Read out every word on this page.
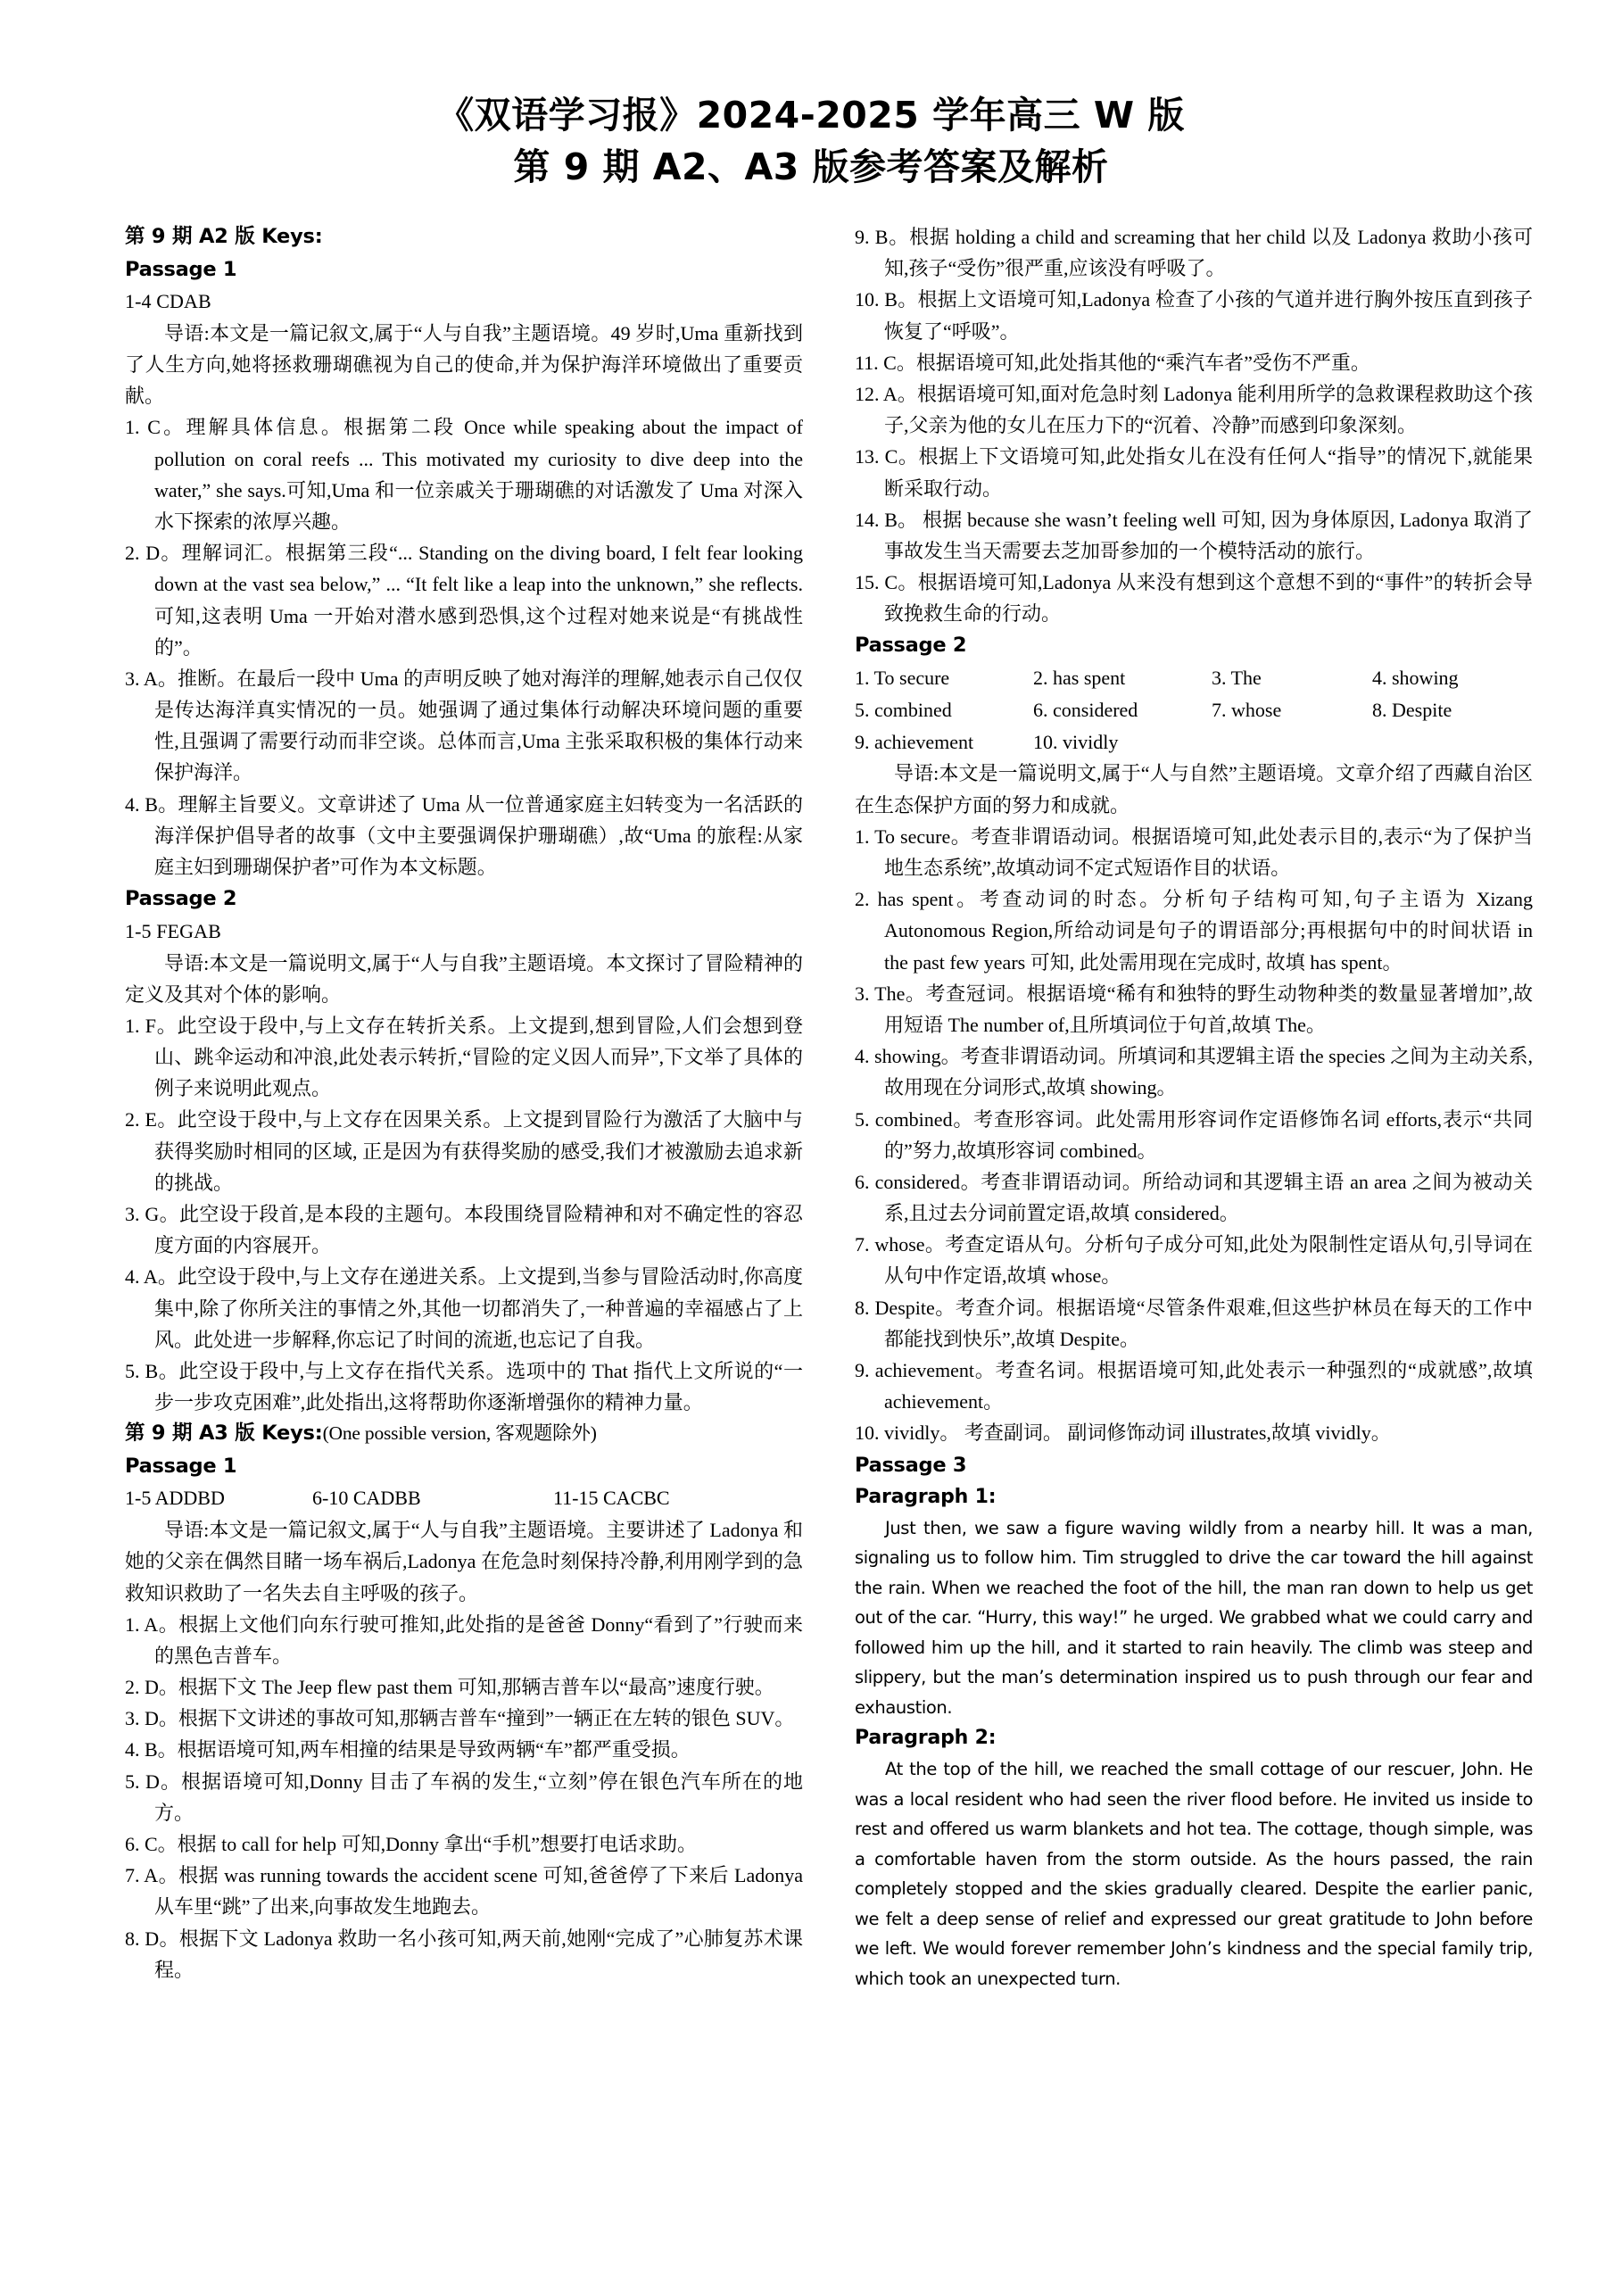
《双语学习报》2024-2025 学年高三 W 版
第 9 期 A2、A3 版参考答案及解析
第 9 期 A2 版 Keys:
Passage 1
1-4 CDAB
导语:本文是一篇记叙文,属于“人与自我”主题语境。49 岁时,Uma 重新找到了人生方向,她将拯救珊瑚礁视为自己的使命,并为保护海洋环境做出了重要贡献。
1. C。理解具体信息。根据第二段 Once while speaking about the impact of pollution on coral reefs ... This motivated my curiosity to dive deep into the water,” she says.可知,Uma 和一位亲戚关于珊瑚礁的对话激发了 Uma 对深入水下探索的浓厚兴趣。
2. D。理解词汇。根据第三段“... Standing on the diving board, I felt fear looking down at the vast sea below,” ... “It felt like a leap into the unknown,” she reflects.可知,这表明 Uma 一开始对潜水感到恐惧,这个过程对她来说是“有挑战性的”。
3. A。推断。在最后一段中 Uma 的声明反映了她对海洋的理解,她表示自己仅仅是传达海洋真实情况的一员。她强调了通过集体行动解决环境问题的重要性,且强调了需要行动而非空谈。总体而言,Uma 主张采取积极的集体行动来保护海洋。
4. B。理解主旨要义。文章讲述了 Uma 从一位普通家庭主妇转变为一名活跃的海洋保护倡导者的故事（文中主要强调保护珊瑚礁）,故“Uma 的旅程:从家庭主妇到珊瑚保护者”可作为本文标题。
Passage 2
1-5 FEGAB
导语:本文是一篇说明文,属于“人与自我”主题语境。本文探讨了冒险精神的定义及其对个体的影响。
1. F。此空设于段中,与上文存在转折关系。上文提到,想到冒险,人们会想到登山、跳伞运动和冲浪,此处表示转折,“冒险的定义因人而异”,下文举了具体的例子来说明此观点。
2. E。此空设于段中,与上文存在因果关系。上文提到冒险行为激活了大脑中与获得奖励时相同的区域, 正是因为有获得奖励的感受,我们才被激励去追求新的挑战。
3. G。此空设于段首,是本段的主题句。本段围绕冒险精神和对不确定性的容忍度方面的内容展开。
4. A。此空设于段中,与上文存在递进关系。上文提到,当参与冒险活动时,你高度集中,除了你所关注的事情之外,其他一切都消失了,一种普遍的幸福感占了上风。此处进一步解释,你忘记了时间的流逝,也忘记了自我。
5. B。此空设于段中,与上文存在指代关系。选项中的 That 指代上文所说的“一步一步攻克困难”,此处指出,这将帮助你逐渐增强你的精神力量。
第 9 期 A3 版 Keys:(One possible version, 客观题除外)
Passage 1
1-5 ADDBD	6-10 CADBB	11-15 CACBC
导语:本文是一篇记叙文,属于“人与自我”主题语境。主要讲述了 Ladonya 和她的父亲在偶然目睹一场车祸后,Ladonya 在危急时刻保持冷静,利用刚学到的急救知识救助了一名失去自主呼吸的孩子。
1. A。根据上文他们向东行驶可推知,此处指的是爸爸 Donny“看到了”行驶而来的黑色吉普车。
2. D。根据下文 The Jeep flew past them 可知,那辆吉普车以“最高”速度行驶。
3. D。根据下文讲述的事故可知,那辆吉普车“撞到”一辆正在左转的银色 SUV。
4. B。根据语境可知,两车相撞的结果是导致两辆“车”都严重受损。
5. D。根据语境可知,Donny 目击了车祸的发生,“立刻”停在银色汽车所在的地方。
6. C。根据 to call for help 可知,Donny 拿出“手机”想要打电话求助。
7. A。根据 was running towards the accident scene 可知,爸爸停了下来后 Ladonya 从车里“跳”了出来,向事故发生地跑去。
8. D。根据下文 Ladonya 救助一名小孩可知,两天前,她刚“完成了”心肺复苏术课程。
9. B。根据 holding a child and screaming that her child 以及 Ladonya 救助小孩可知,孩子“受伤”很严重,应该没有呼吸了。
10. B。根据上文语境可知,Ladonya 检查了小孩的气道并进行胸外按压直到孩子恢复了“呼吸”。
11. C。根据语境可知,此处指其他的“乘汽车者”受伤不严重。
12. A。根据语境可知,面对危急时刻 Ladonya 能利用所学的急救课程救助这个孩子,父亲为他的女儿在压力下的“沉着、冷静”而感到印象深刻。
13. C。根据上下文语境可知,此处指女儿在没有任何人“指导”的情况下,就能果断采取行动。
14. B。 根据 because she wasn’t feeling well 可知, 因为身体原因, Ladonya 取消了事故发生当天需要去芝加哥参加的一个模特活动的旅行。
15. C。根据语境可知,Ladonya 从来没有想到这个意想不到的“事件”的转折会导致挽救生命的行动。
Passage 2
1. To secure	2. has spent	3. The	4. showing
5. combined	6. considered	7. whose	8. Despite
9. achievement	10. vividly
导语:本文是一篇说明文,属于“人与自然”主题语境。文章介绍了西藏自治区在生态保护方面的努力和成就。
1. To secure。考查非谓语动词。根据语境可知,此处表示目的,表示“为了保护当地生态系统”,故填动词不定式短语作目的状语。
2. has spent。考查动词的时态。分析句子结构可知,句子主语为 Xizang Autonomous Region,所给动词是句子的谓语部分;再根据句中的时间状语 in the past few years 可知, 此处需用现在完成时, 故填 has spent。
3. The。考查冠词。根据语境“稀有和独特的野生动物种类的数量显著增加”,故用短语 The number of,且所填词位于句首,故填 The。
4. showing。考查非谓语动词。所填词和其逻辑主语 the species 之间为主动关系,故用现在分词形式,故填 showing。
5. combined。考查形容词。此处需用形容词作定语修饰名词 efforts,表示“共同的”努力,故填形容词 combined。
6. considered。考查非谓语动词。所给动词和其逻辑主语 an area 之间为被动关系,且过去分词前置定语,故填 considered。
7. whose。考查定语从句。分析句子成分可知,此处为限制性定语从句,引导词在从句中作定语,故填 whose。
8. Despite。考查介词。根据语境“尽管条件艰难,但这些护林员在每天的工作中都能找到快乐”,故填 Despite。
9. achievement。考查名词。根据语境可知,此处表示一种强烈的“成就感”,故填 achievement。
10. vividly。 考查副词。 副词修饰动词 illustrates,故填 vividly。
Passage 3
Paragraph 1:
Just then, we saw a figure waving wildly from a nearby hill. It was a man, signaling us to follow him. Tim struggled to drive the car toward the hill against the rain. When we reached the foot of the hill, the man ran down to help us get out of the car. “Hurry, this way!” he urged. We grabbed what we could carry and followed him up the hill, and it started to rain heavily. The climb was steep and slippery, but the man’s determination inspired us to push through our fear and exhaustion.
Paragraph 2:
At the top of the hill, we reached the small cottage of our rescuer, John. He was a local resident who had seen the river flood before. He invited us inside to rest and offered us warm blankets and hot tea. The cottage, though simple, was a comfortable haven from the storm outside. As the hours passed, the rain completely stopped and the skies gradually cleared. Despite the earlier panic, we felt a deep sense of relief and expressed our great gratitude to John before we left. We would forever remember John’s kindness and the special family trip, which took an unexpected turn.
